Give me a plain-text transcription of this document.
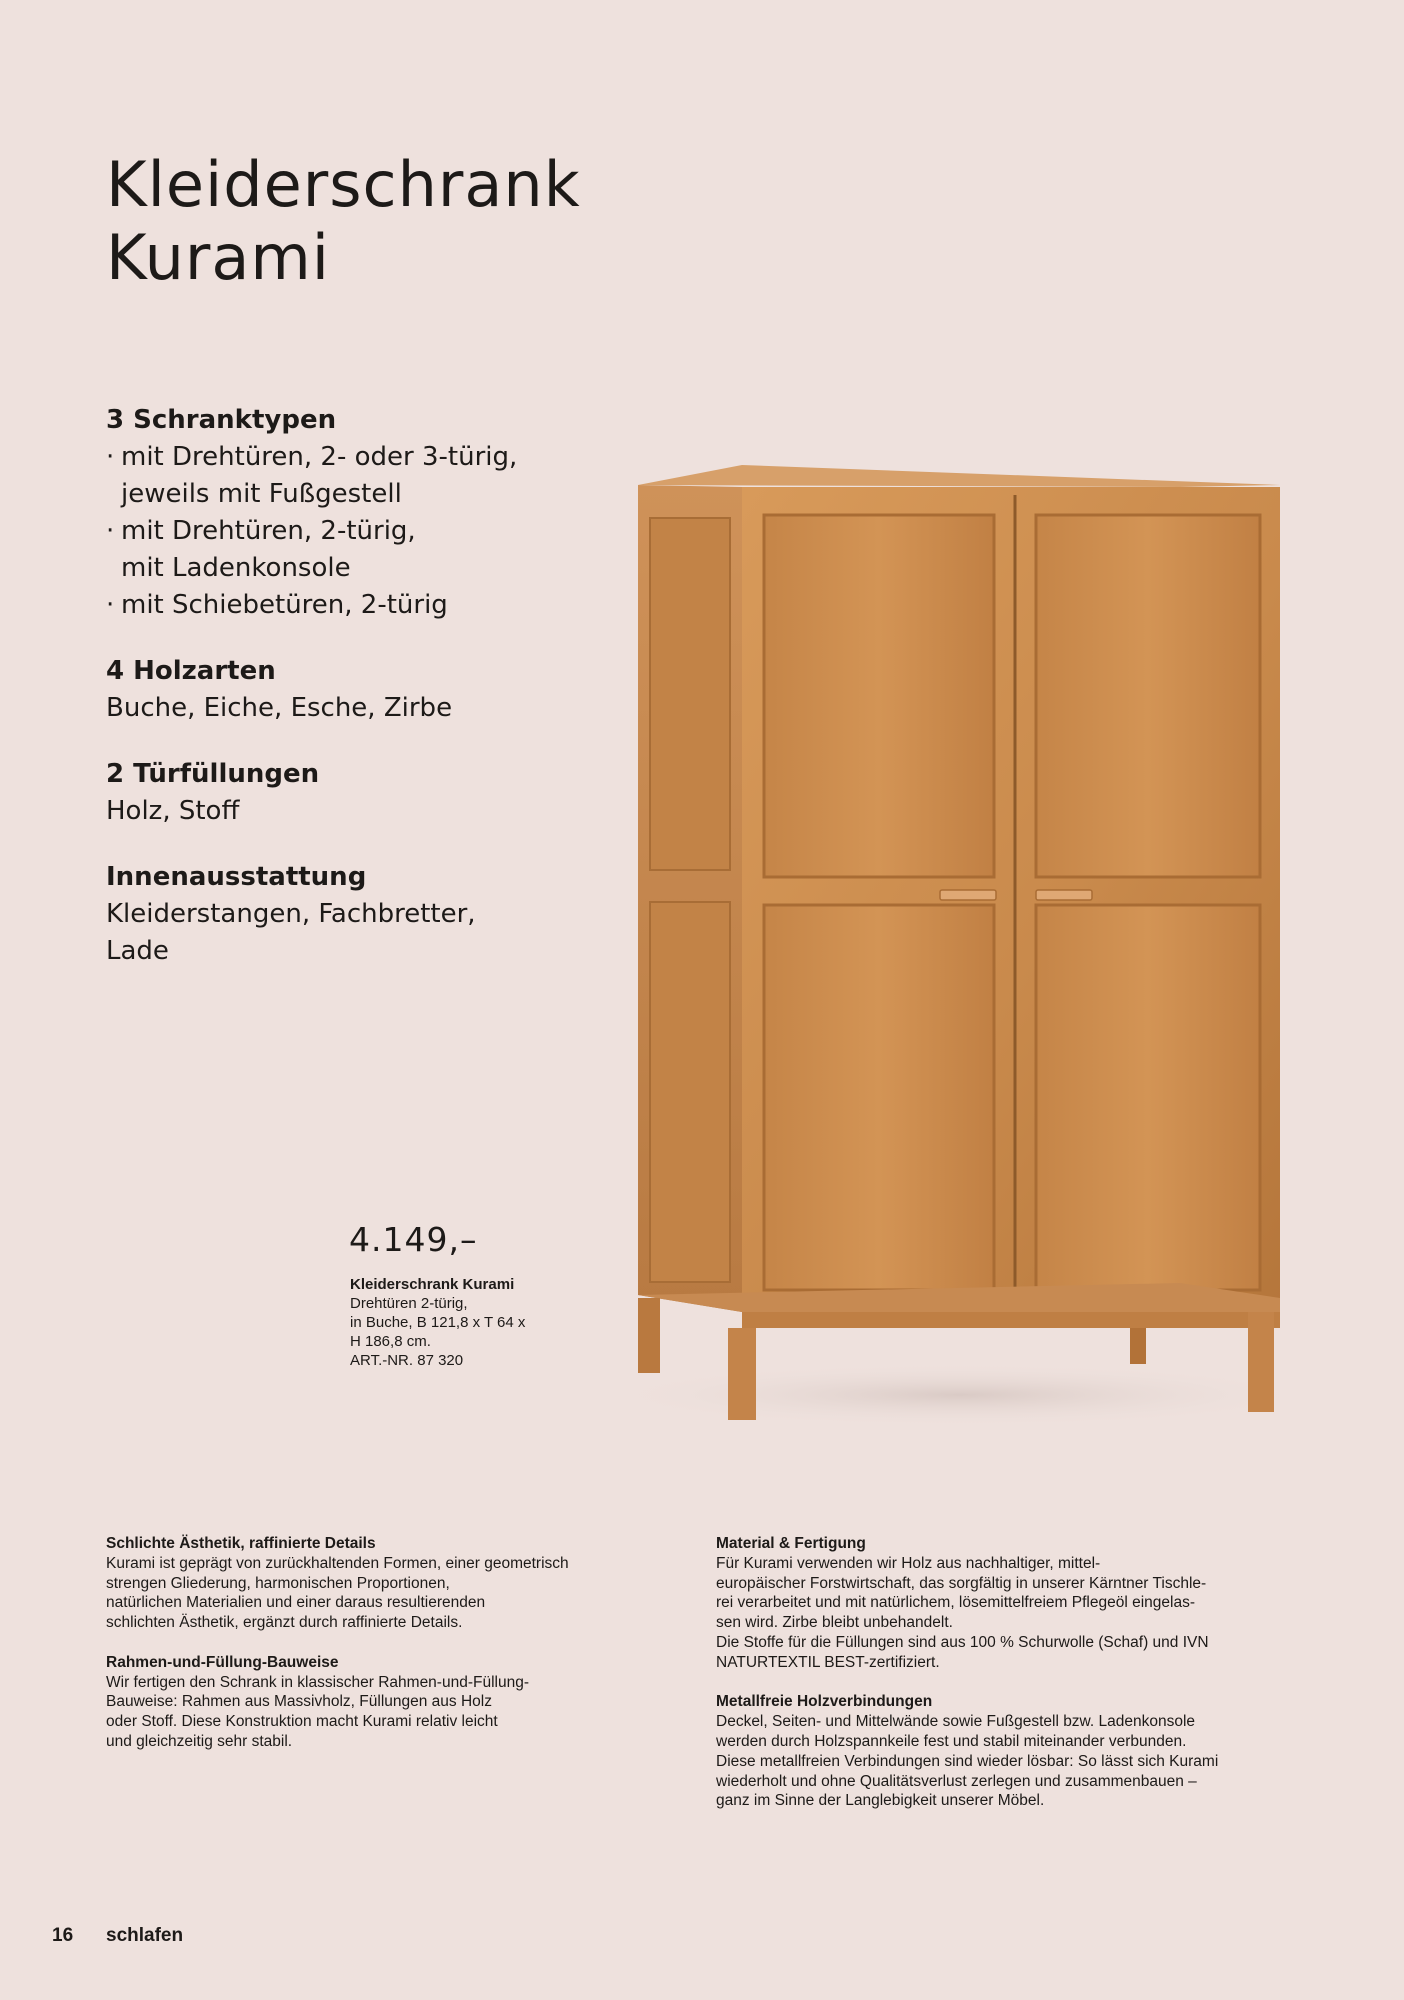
Kleiderschrank
Kurami

3 Schranktypen

· mit Drehtüren, 2- oder 3-türig,

jeweils mit Fußgestell

· mit Drehtüren, 2-türig,

mit Ladenkonsole

· mit Schiebetüren, 2-türig

4 Holzarten

Buche, Eiche, Esche, Zirbe

2 Türfüllungen

Holz, Stoff

Innenausstattung

Kleiderstangen, Fachbretter,

Lade

4.149,–
Kleiderschrank Kurami
Drehtüren 2-türig,
in Buche, B 121,8 x T 64 x
H 186,8 cm.
ART.-NR. 87 320
Schlichte Ästhetik, raffinierte Details
Kurami ist geprägt von zurückhaltenden Formen, einer geometrisch
strengen Gliederung, harmonischen Proportionen,
natürlichen Materialien und einer daraus resultierenden
schlichten Ästhetik, ergänzt durch raffinierte Details.
Rahmen-und-Füllung-Bauweise
Wir fertigen den Schrank in klassischer Rahmen-und-Füllung-
Bauweise: Rahmen aus Massivholz, Füllungen aus Holz
oder Stoff. Diese Konstruktion macht Kurami relativ leicht
und gleichzeitig sehr stabil.
Material & Fertigung
Für Kurami verwenden wir Holz aus nachhaltiger, mittel-
europäischer Forstwirtschaft, das sorgfältig in unserer Kärntner Tischle-
rei verarbeitet und mit natürlichem, lösemittelfreiem Pflegeöl eingelas-
sen wird. Zirbe bleibt unbehandelt.
Die Stoffe für die Füllungen sind aus 100 % Schurwolle (Schaf) und IVN
NATURTEXTIL BEST-zertifiziert.
Metallfreie Holzverbindungen
Deckel, Seiten- und Mittelwände sowie Fußgestell bzw. Ladenkonsole
werden durch Holzspannkeile fest und stabil miteinander verbunden.
Diese metallfreien Verbindungen sind wieder lösbar: So lässt sich Kurami
wiederholt und ohne Qualitätsverlust zerlegen und zusammenbauen –
ganz im Sinne der Langlebigkeit unserer Möbel.
16 schlafen
